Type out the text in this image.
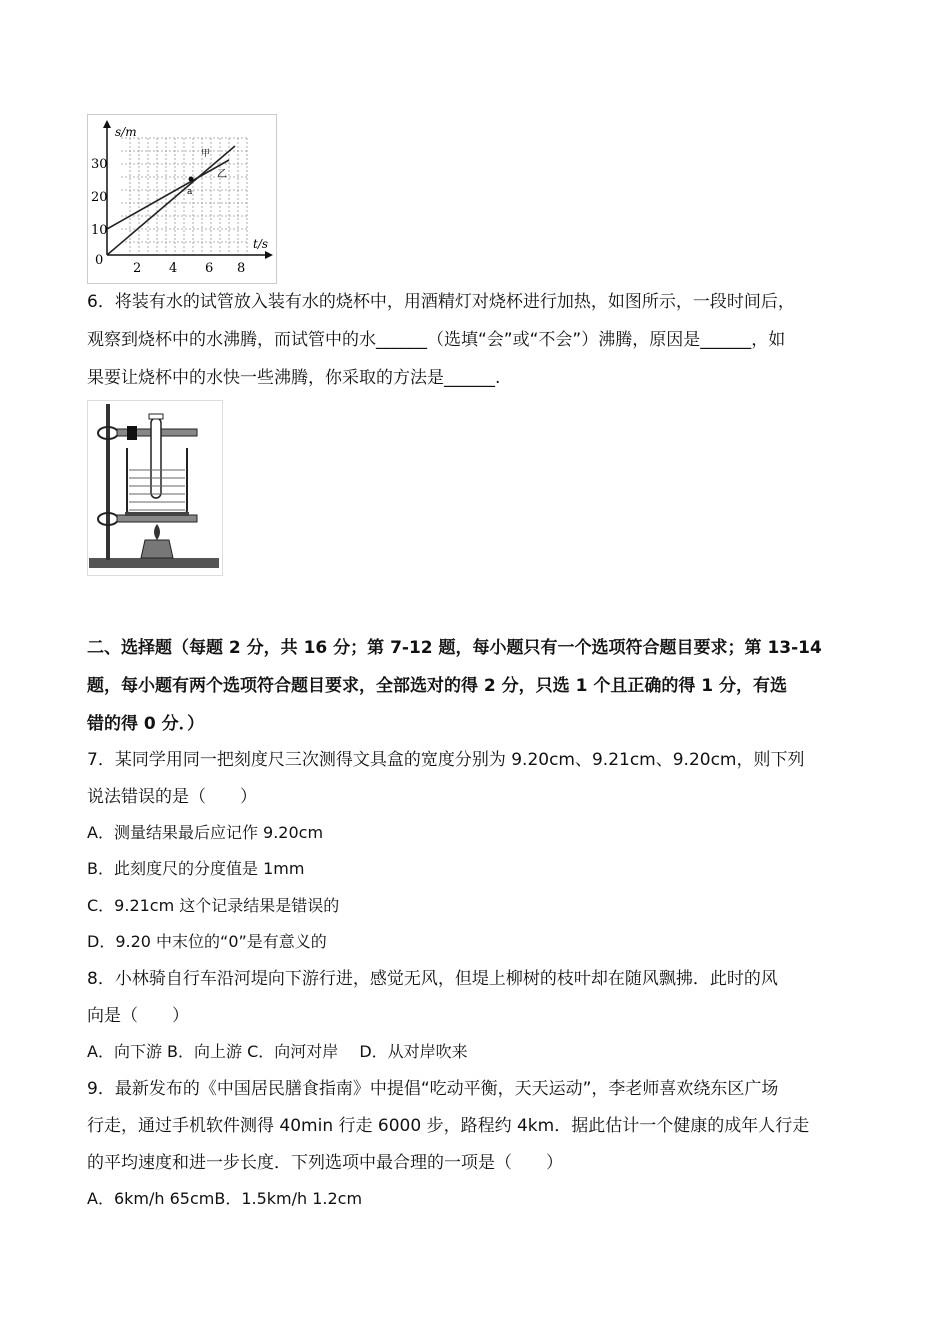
s/m
t/s
30
20
10
0
2 4 6 8
甲
乙
a
6．将装有水的试管放入装有水的烧杯中，用酒精灯对烧杯进行加热，如图所示，一段时间后，
观察到烧杯中的水沸腾，而试管中的水______（选填“会”或“不会”）沸腾，原因是______，如
果要让烧杯中的水快一些沸腾，你采取的方法是______.
二、选择题（每题 2 分，共 16 分；第 7-12 题，每小题只有一个选项符合题目要求；第 13-14
题，每小题有两个选项符合题目要求，全部选对的得 2 分，只选 1 个且正确的得 1 分，有选
错的得 0 分．）
7．某同学用同一把刻度尺三次测得文具盒的宽度分别为 9.20cm、9.21cm、9.20cm，则下列
说法错误的是（　　）
A．测量结果最后应记作 9.20cm
B．此刻度尺的分度值是 1mm
C．9.21cm 这个记录结果是错误的
D．9.20 中末位的“0”是有意义的
8．小林骑自行车沿河堤向下游行进，感觉无风，但堤上柳树的枝叶却在随风飘拂．此时的风
向是（　　）
A．向下游 B．向上游 C．向河对岸　 D．从对岸吹来
9．最新发布的《中国居民膳食指南》中提倡“吃动平衡，天天运动”，李老师喜欢绕东区广场
行走，通过手机软件测得 40min 行走 6000 步，路程约 4km．据此估计一个健康的成年人行走
的平均速度和进一步长度．下列选项中最合理的一项是（　　）
A．6km/h 65cmB．1.5km/h 1.2cm
